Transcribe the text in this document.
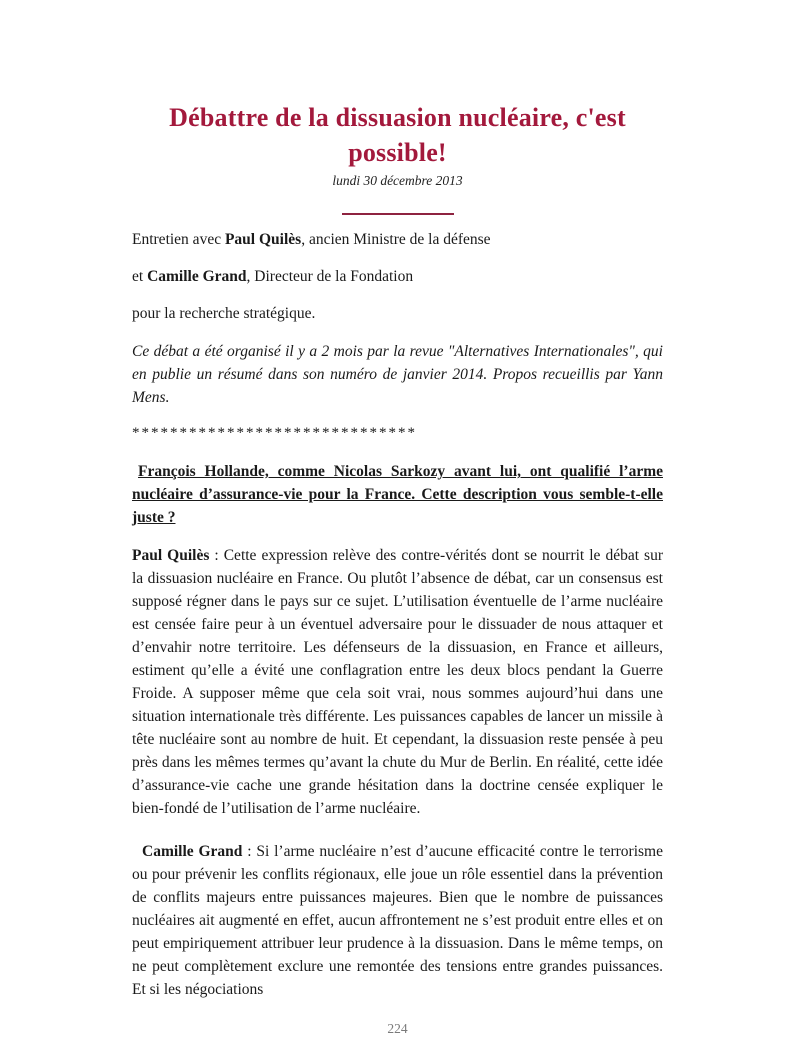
Débattre de la dissuasion nucléaire, c'est possible!
lundi 30 décembre 2013

Entretien avec Paul Quilès, ancien Ministre de la défense

et Camille Grand, Directeur de la Fondation

pour la recherche stratégique.

Ce débat a été organisé il y a 2 mois par la revue "Alternatives Internationales", qui en publie un résumé dans son numéro de janvier 2014. Propos recueillis par Yann Mens.

******************************

François Hollande, comme Nicolas Sarkozy avant lui, ont qualifié l’arme nucléaire d’assurance-vie pour la France. Cette description vous semble-t-elle juste ?

Paul Quilès : Cette expression relève des contre-vérités dont se nourrit le débat sur la dissuasion nucléaire en France. Ou plutôt l’absence de débat, car un consensus est supposé régner dans le pays sur ce sujet. L’utilisation éventuelle de l’arme nucléaire est censée faire peur à un éventuel adversaire pour le dissuader de nous attaquer et d’envahir notre territoire. Les défenseurs de la dissuasion, en France et ailleurs, estiment qu’elle a évité une conflagration entre les deux blocs pendant la Guerre Froide. A supposer même que cela soit vrai, nous sommes aujourd’hui dans une situation internationale très différente. Les puissances capables de lancer un missile à tête nucléaire sont au nombre de huit. Et cependant, la dissuasion reste pensée à peu près dans les mêmes termes qu’avant la chute du Mur de Berlin. En réalité, cette idée d’assurance-vie cache une grande hésitation dans la doctrine censée expliquer le bien-fondé de l’utilisation de l’arme nucléaire.

Camille Grand : Si l’arme nucléaire n’est d’aucune efficacité contre le terrorisme ou pour prévenir les conflits régionaux, elle joue un rôle essentiel dans la prévention de conflits majeurs entre puissances majeures. Bien que le nombre de puissances nucléaires ait augmenté en effet, aucun affrontement ne s’est produit entre elles et on peut empiriquement attribuer leur prudence à la dissuasion. Dans le même temps, on ne peut complètement exclure une remontée des tensions entre grandes puissances. Et si les négociations

224
